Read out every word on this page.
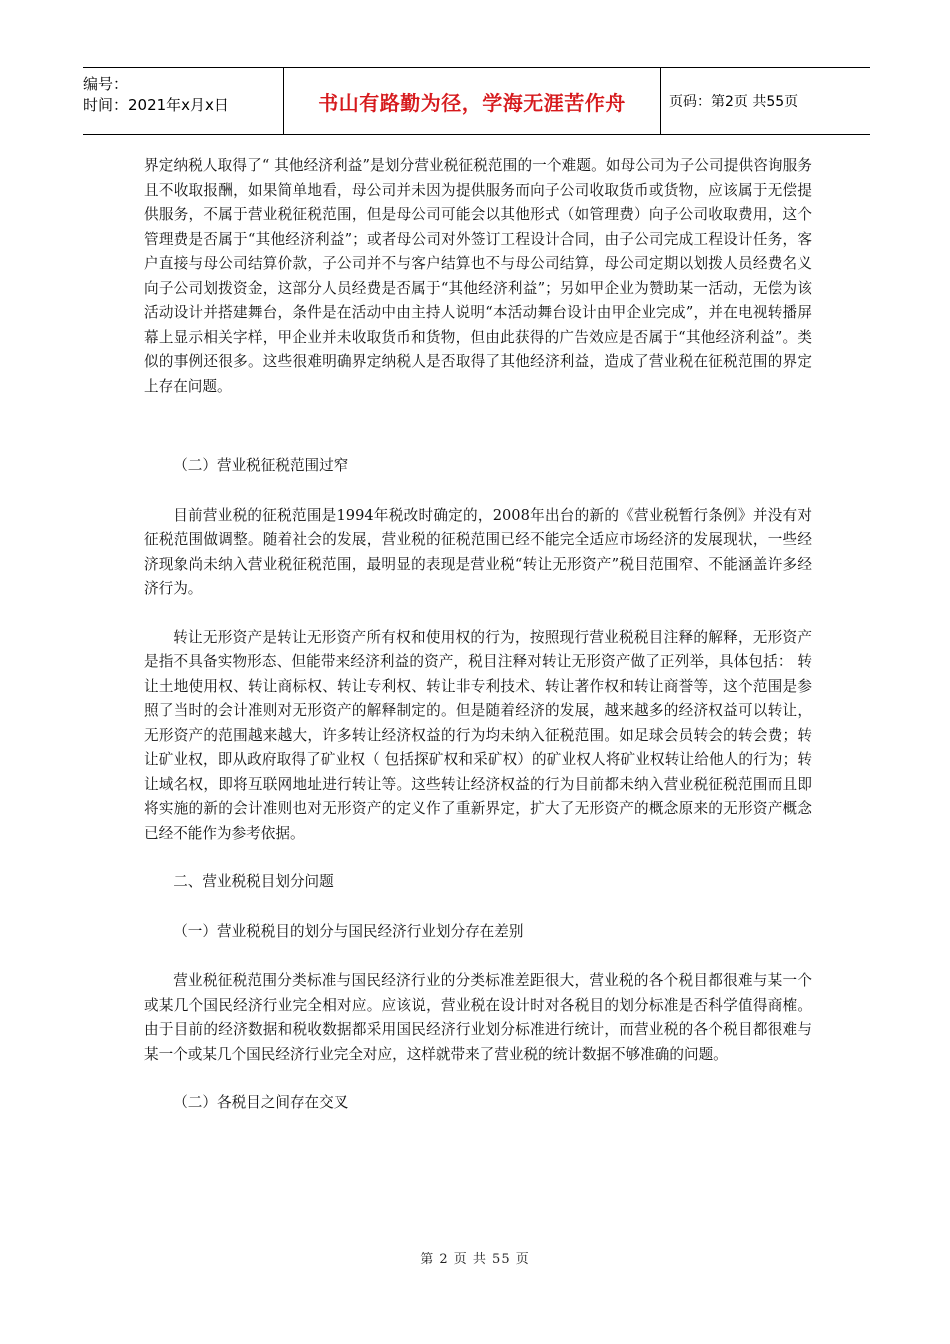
编号：
时间：2021年x月x日	书山有路勤为径，学海无涯苦作舟	页码：第2页 共55页

界定纳税人取得了“ 其他经济利益”是划分营业税征税范围的一个难题。如母公司为子公司提供咨询服务且不收取报酬，如果简单地看，母公司并未因为提供服务而向子公司收取货币或货物，应该属于无偿提供服务，不属于营业税征税范围，但是母公司可能会以其他形式（如管理费）向子公司收取费用，这个管理费是否属于“其他经济利益”；或者母公司对外签订工程设计合同，由子公司完成工程设计任务，客户直接与母公司结算价款，子公司并不与客户结算也不与母公司结算，母公司定期以划拨人员经费名义向子公司划拨资金，这部分人员经费是否属于“其他经济利益”；另如甲企业为赞助某一活动，无偿为该活动设计并搭建舞台，条件是在活动中由主持人说明“本活动舞台设计由甲企业完成”，并在电视转播屏幕上显示相关字样，甲企业并未收取货币和货物，但由此获得的广告效应是否属于“其他经济利益”。类似的事例还很多。这些很难明确界定纳税人是否取得了其他经济利益，造成了营业税在征税范围的界定上存在问题。

（二）营业税征税范围过窄

目前营业税的征税范围是1994年税改时确定的，2008年出台的新的《营业税暂行条例》并没有对征税范围做调整。随着社会的发展，营业税的征税范围已经不能完全适应市场经济的发展现状，一些经济现象尚未纳入营业税征税范围，最明显的表现是营业税“转让无形资产”税目范围窄、不能涵盖许多经济行为。

转让无形资产是转让无形资产所有权和使用权的行为，按照现行营业税税目注释的解释，无形资产是指不具备实物形态、但能带来经济利益的资产，税目注释对转让无形资产做了正列举，具体包括： 转让土地使用权、转让商标权、转让专利权、转让非专利技术、转让著作权和转让商誉等，这个范围是参照了当时的会计准则对无形资产的解释制定的。但是随着经济的发展，越来越多的经济权益可以转让，无形资产的范围越来越大，许多转让经济权益的行为均未纳入征税范围。如足球会员转会的转会费；转让矿业权，即从政府取得了矿业权（ 包括探矿权和采矿权）的矿业权人将矿业权转让给他人的行为；转让域名权，即将互联网地址进行转让等。这些转让经济权益的行为目前都未纳入营业税征税范围而且即将实施的新的会计准则也对无形资产的定义作了重新界定，扩大了无形资产的概念原来的无形资产概念已经不能作为参考依据。

二、营业税税目划分问题

（一）营业税税目的划分与国民经济行业划分存在差别

营业税征税范围分类标准与国民经济行业的分类标准差距很大，营业税的各个税目都很难与某一个或某几个国民经济行业完全相对应。应该说，营业税在设计时对各税目的划分标准是否科学值得商榷。由于目前的经济数据和税收数据都采用国民经济行业划分标准进行统计，而营业税的各个税目都很难与某一个或某几个国民经济行业完全对应，这样就带来了营业税的统计数据不够准确的问题。

（二）各税目之间存在交叉

第 2 页 共 55 页
